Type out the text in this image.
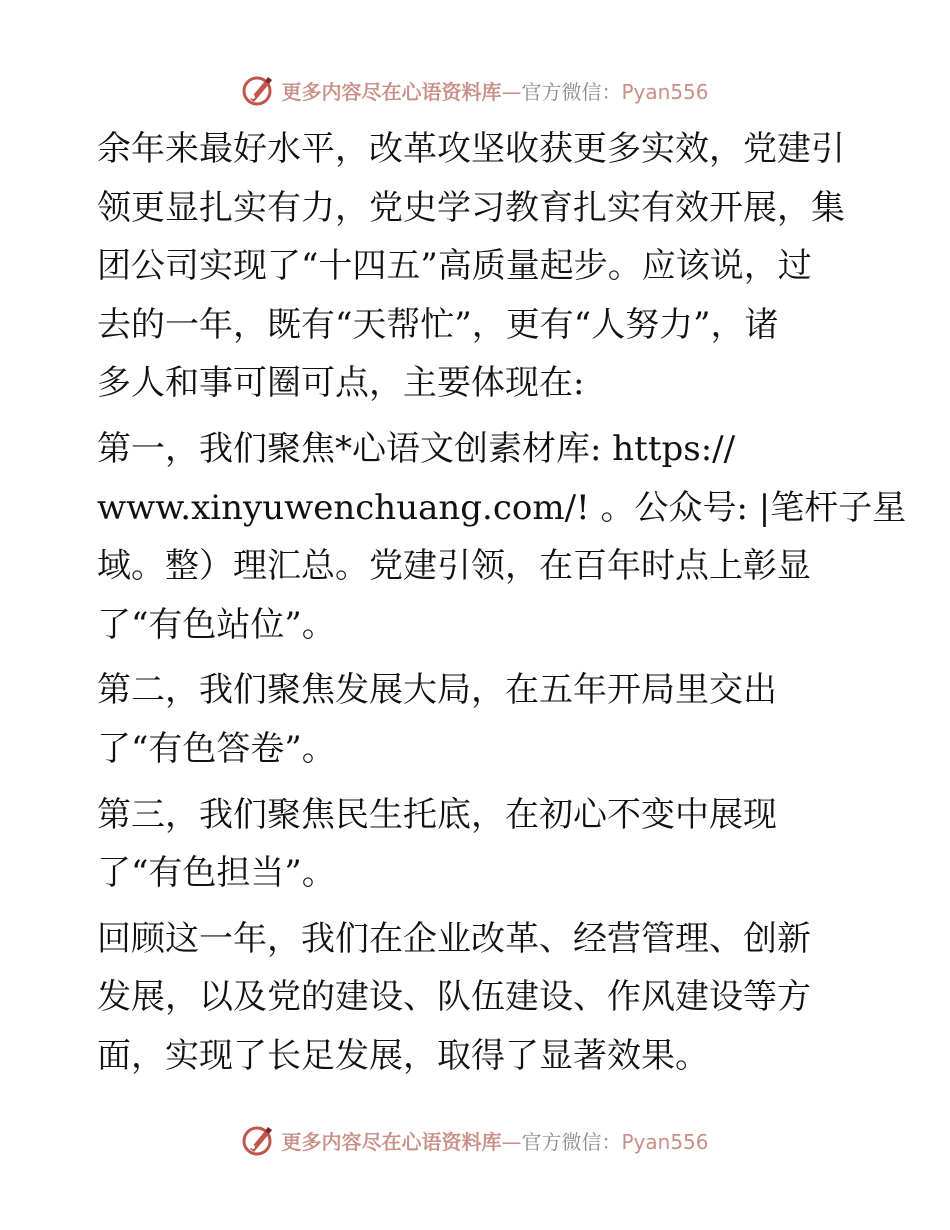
更多内容尽在心语资料库—官方微信：Pyan556

余年来最好水平，改革攻坚收获更多实效，党建引
领更显扎实有力，党史学习教育扎实有效开展，集
团公司实现了“十四五”高质量起步。应该说，过
去的一年，既有“天帮忙”，更有“人努力”，诸
多人和事可圈可点，主要体现在:

第一，我们聚焦*心语文创素材库: https://
www.xinyuwenchuang.com/! 。公众号: |笔杆子星
域。整）理汇总。党建引领，在百年时点上彰显
了“有色站位”。

第二，我们聚焦发展大局，在五年开局里交出
了“有色答卷”。

第三，我们聚焦民生托底，在初心不变中展现
了“有色担当”。

回顾这一年，我们在企业改革、经营管理、创新
发展，以及党的建设、队伍建设、作风建设等方
面，实现了长足发展，取得了显著效果。

更多内容尽在心语资料库—官方微信：Pyan556
